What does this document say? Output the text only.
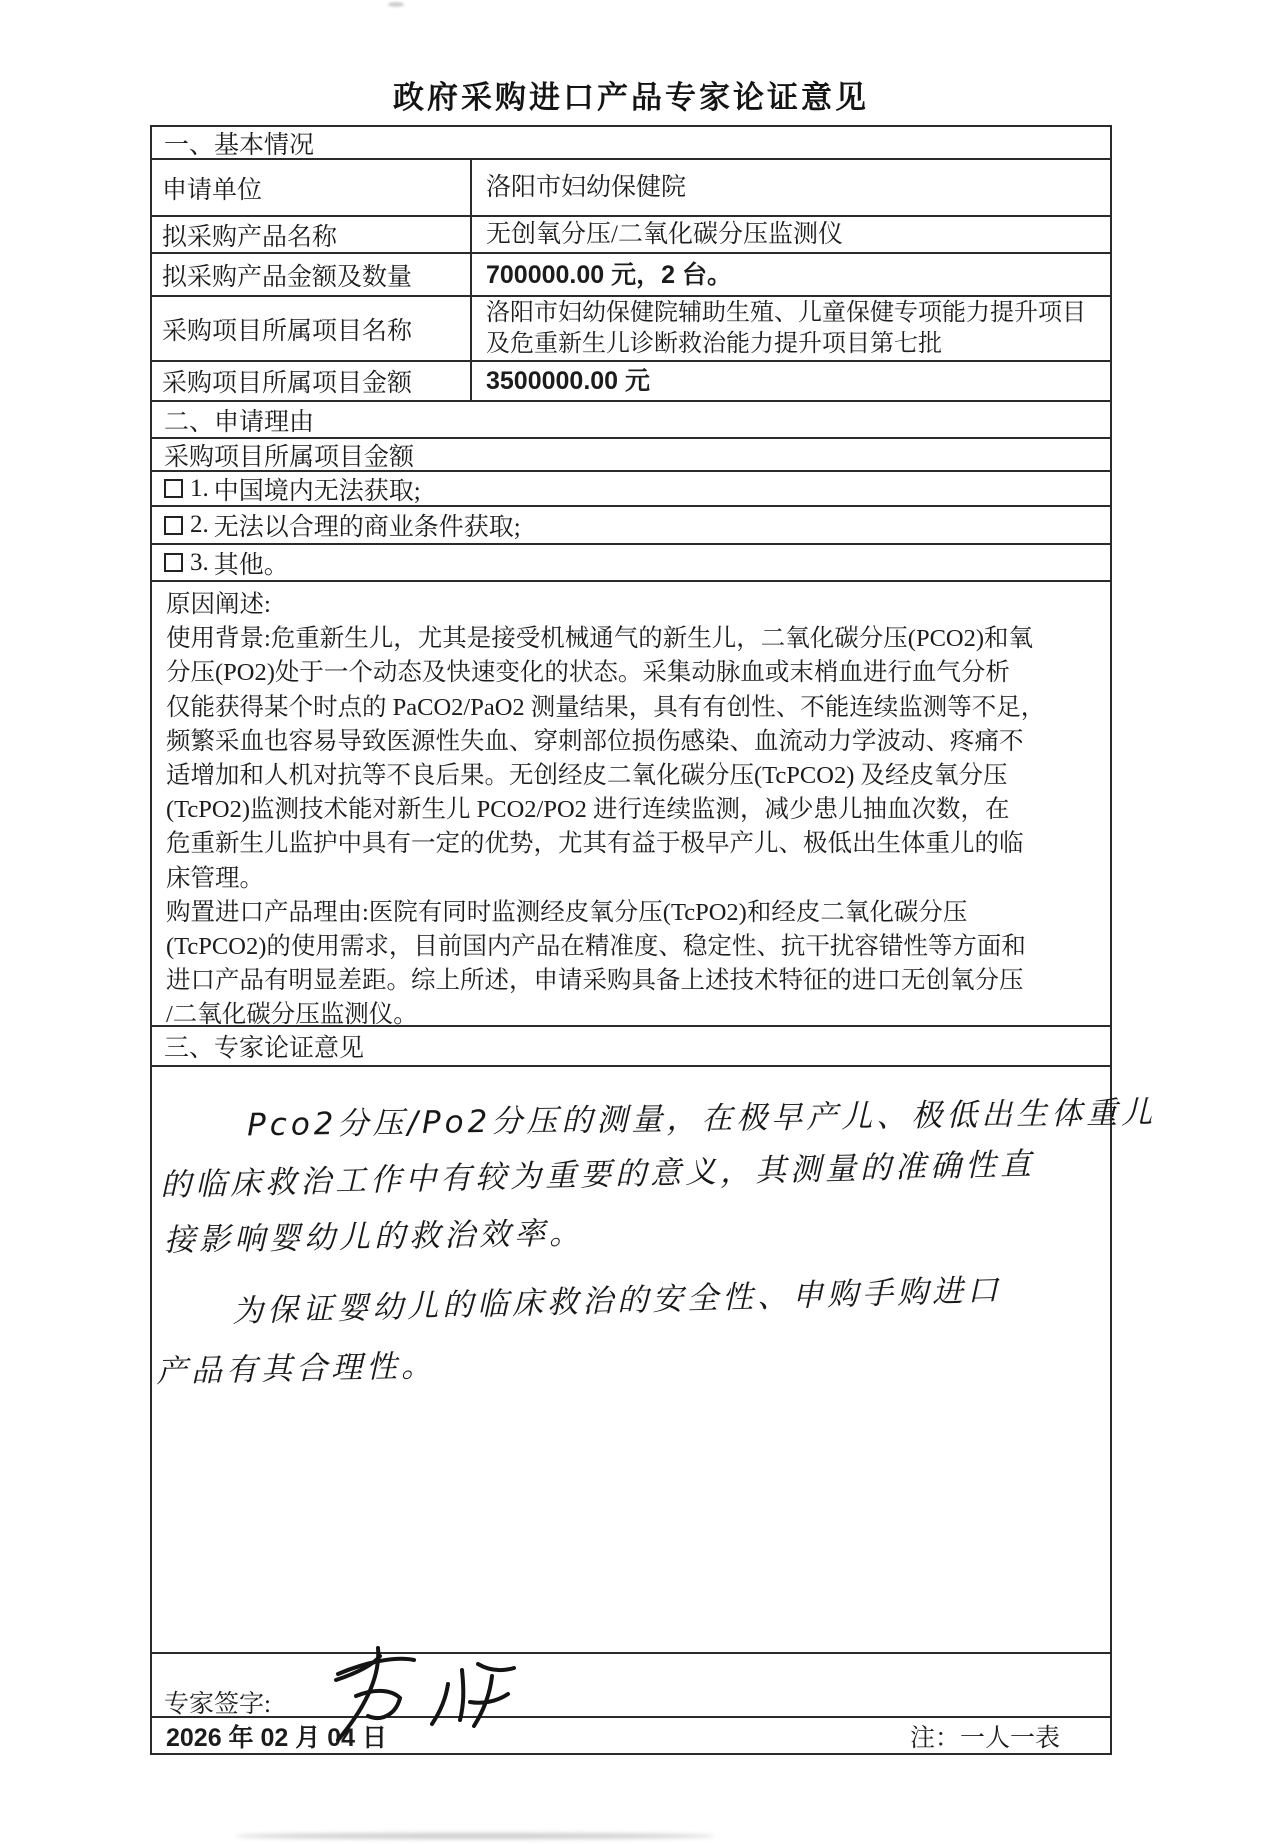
政府采购进口产品专家论证意见
一、基本情况
申请单位	洛阳市妇幼保健院
拟采购产品名称	无创氧分压/二氧化碳分压监测仪
拟采购产品金额及数量	700000.00 元，2 台。
采购项目所属项目名称
洛阳市妇幼保健院辅助生殖、儿童保健专项能力提升项目及危重新生儿诊断救治能力提升项目第七批
采购项目所属项目金额	3500000.00 元
二、申请理由
采购项目所属项目金额
1.
  中国境内无法获取;
2.
  无法以合理的商业条件获取;
3.
  其他。
原因阐述:
使用背景:危重新生儿，尤其是接受机械通气的新生儿，二氧化碳分压(PCO2)和氧
分压(PO2)处于一个动态及快速变化的状态。采集动脉血或末梢血进行血气分析
仅能获得某个时点的 PaCO2/PaO2 测量结果，具有有创性、不能连续监测等不足，
频繁采血也容易导致医源性失血、穿刺部位损伤感染、血流动力学波动、疼痛不
适增加和人机对抗等不良后果。无创经皮二氧化碳分压(TcPCO2) 及经皮氧分压
(TcPO2)监测技术能对新生儿 PCO2/PO2 进行连续监测，减少患儿抽血次数，在
危重新生儿监护中具有一定的优势，尤其有益于极早产儿、极低出生体重儿的临
床管理。
购置进口产品理由:医院有同时监测经皮氧分压(TcPO2)和经皮二氧化碳分压
(TcPCO2)的使用需求，目前国内产品在精准度、稳定性、抗干扰容错性等方面和
进口产品有明显差距。综上所述，申请采购具备上述技术特征的进口无创氧分压
/二氧化碳分压监测仪。
三、专家论证意见
Pco2分压/Po2分压的测量，在极早产儿、极低出生体重儿
的临床救治工作中有较为重要的意义，其测量的准确性直
接影响婴幼儿的救治效率。
为保证婴幼儿的临床救治的安全性、申购手购进口
产品有其合理性。
专家签字:
2026 年 02 月 04 日	注：一人一表
